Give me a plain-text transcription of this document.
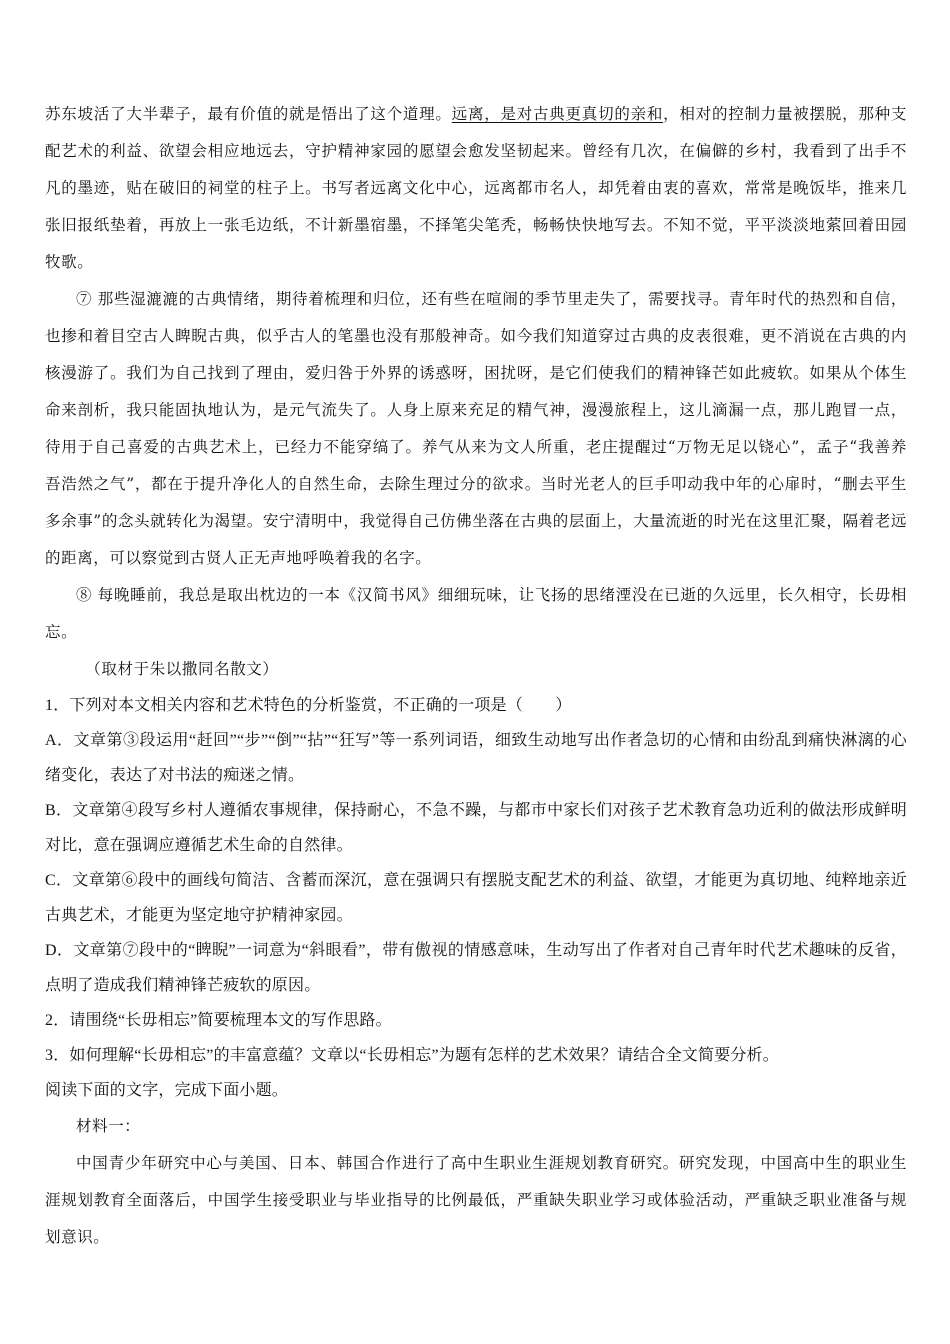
苏东坡活了大半辈子，最有价值的就是悟出了这个道理。远离，是对古典更真切的亲和，相对的控制力量被摆脱，那种支配艺术的利益、欲望会相应地远去，守护精神家园的愿望会愈发坚韧起来。曾经有几次，在偏僻的乡村，我看到了出手不凡的墨迹，贴在破旧的祠堂的柱子上。书写者远离文化中心，远离都市名人，却凭着由衷的喜欢，常常是晚饭毕，推来几张旧报纸垫着，再放上一张毛边纸，不计新墨宿墨，不择笔尖笔秃，畅畅快快地写去。不知不觉，平平淡淡地萦回着田园牧歌。

⑦ 那些湿漉漉的古典情绪，期待着梳理和归位，还有些在喧闹的季节里走失了，需要找寻。青年时代的热烈和自信，也掺和着目空古人睥睨古典，似乎古人的笔墨也没有那般神奇。如今我们知道穿过古典的皮表很难，更不消说在古典的内核漫游了。我们为自己找到了理由，爱归咎于外界的诱惑呀，困扰呀，是它们使我们的精神锋芒如此疲软。如果从个体生命来剖析，我只能固执地认为，是元气流失了。人身上原来充足的精气神，漫漫旅程上，这儿滴漏一点，那儿跑冒一点，待用于自己喜爱的古典艺术上，已经力不能穿缟了。养气从来为文人所重，老庄提醒过“万物无足以铙心”，孟子“我善养吾浩然之气”，都在于提升净化人的自然生命，去除生理过分的欲求。当时光老人的巨手叩动我中年的心扉时，“删去平生多余事”的念头就转化为渴望。安宁清明中，我觉得自己仿佛坐落在古典的层面上，大量流逝的时光在这里汇聚，隔着老远的距离，可以察觉到古贤人正无声地呼唤着我的名字。

⑧ 每晚睡前，我总是取出枕边的一本《汉简书风》细细玩味，让飞扬的思绪湮没在已逝的久远里，长久相守，长毋相忘。

（取材于朱以撒同名散文）

1．下列对本文相关内容和艺术特色的分析鉴赏，不正确的一项是（　　）

A．文章第③段运用“赶回”“步”“倒”“拈”“狂写”等一系列词语，细致生动地写出作者急切的心情和由纷乱到痛快淋漓的心绪变化，表达了对书法的痴迷之情。

B．文章第④段写乡村人遵循农事规律，保持耐心，不急不躁，与都市中家长们对孩子艺术教育急功近利的做法形成鲜明对比，意在强调应遵循艺术生命的自然律。

C．文章第⑥段中的画线句简洁、含蓄而深沉，意在强调只有摆脱支配艺术的利益、欲望，才能更为真切地、纯粹地亲近古典艺术，才能更为坚定地守护精神家园。

D．文章第⑦段中的“睥睨”一词意为“斜眼看”，带有傲视的情感意味，生动写出了作者对自己青年时代艺术趣味的反省，点明了造成我们精神锋芒疲软的原因。

2．请围绕“长毋相忘”简要梳理本文的写作思路。

3．如何理解“长毋相忘”的丰富意蕴？文章以“长毋相忘”为题有怎样的艺术效果？请结合全文简要分析。

阅读下面的文字，完成下面小题。

材料一：

中国青少年研究中心与美国、日本、韩国合作进行了高中生职业生涯规划教育研究。研究发现，中国高中生的职业生涯规划教育全面落后，中国学生接受职业与毕业指导的比例最低，严重缺失职业学习或体验活动，严重缺乏职业准备与规划意识。
